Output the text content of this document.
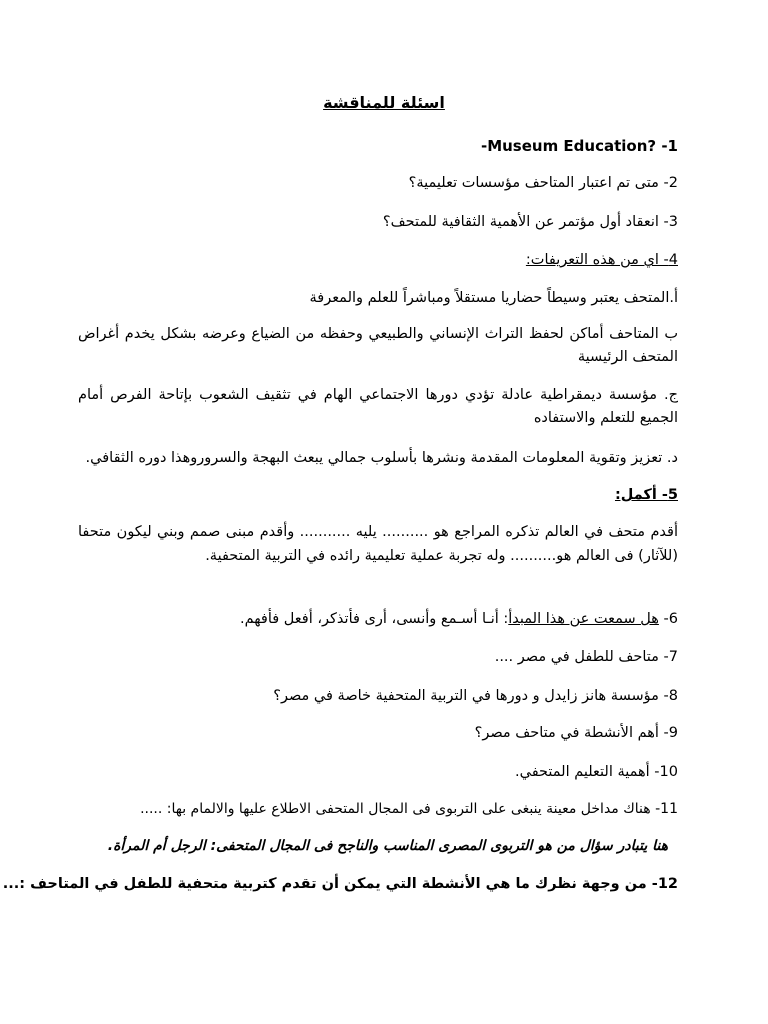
اسئلة للمناقشة
-Museum Education? -1
2- متى تم اعتبار المتاحف مؤسسات تعليمية؟
3- انعقاد أول مؤتمر عن الأهمية الثقافية للمتحف؟
4- اي من هذه التعريفات:
أ.المتحف يعتبر وسيطاً حضاريا مستقلاً ومباشراً للعلم والمعرفة
ب المتاحف أماكن لحفظ التراث الإنساني والطبيعي وحفظه من الضياع وعرضه بشكل يخدم أغراض المتحف الرئيسية
ج. مؤسسة ديمقراطية عادلة تؤدي دورها الاجتماعي الهام في تثقيف الشعوب بإتاحة الفرص أمام الجميع للتعلم والاستفاده
د. تعزيز وتقوية المعلومات المقدمة ونشرها بأسلوب جمالي يبعث البهجة والسروروهذا دوره الثقافي.
5- أكمل:
أقدم متحف في العالم تذكره المراجع هو .......... يليه ........... وأقدم مبنى صمم وبني ليكون متحفا (للآثار) فى العالم هو.......... وله تجربة عملية تعليمية رائده في التربية المتحفية.
6- هل سمعت عن هذا المبدأ: أنـا أسـمع وأنسى، أرى فأتذكر، أفعل فأفهم.
7- متاحف للطفل في مصر ....
8- مؤسسة هانز زايدل و دورها في التربية المتحفية خاصة في مصر؟
9- أهم الأنشطة في متاحف مصر؟
10- أهمية التعليم المتحفي.
11- هناك مداخل معينة ينبغى على التربوى فى المجال المتحفى الاطلاع عليها والالمام بها: .....
هنا يتبادر سؤال من هو التربوى المصرى المناسب والناجح فى المجال المتحفى: الرجل أم المرأة.
12- من وجهة نظرك ما هي الأنشطة التي يمكن أن تقدم كتربية متحفية للطفل في المتاحف :...
